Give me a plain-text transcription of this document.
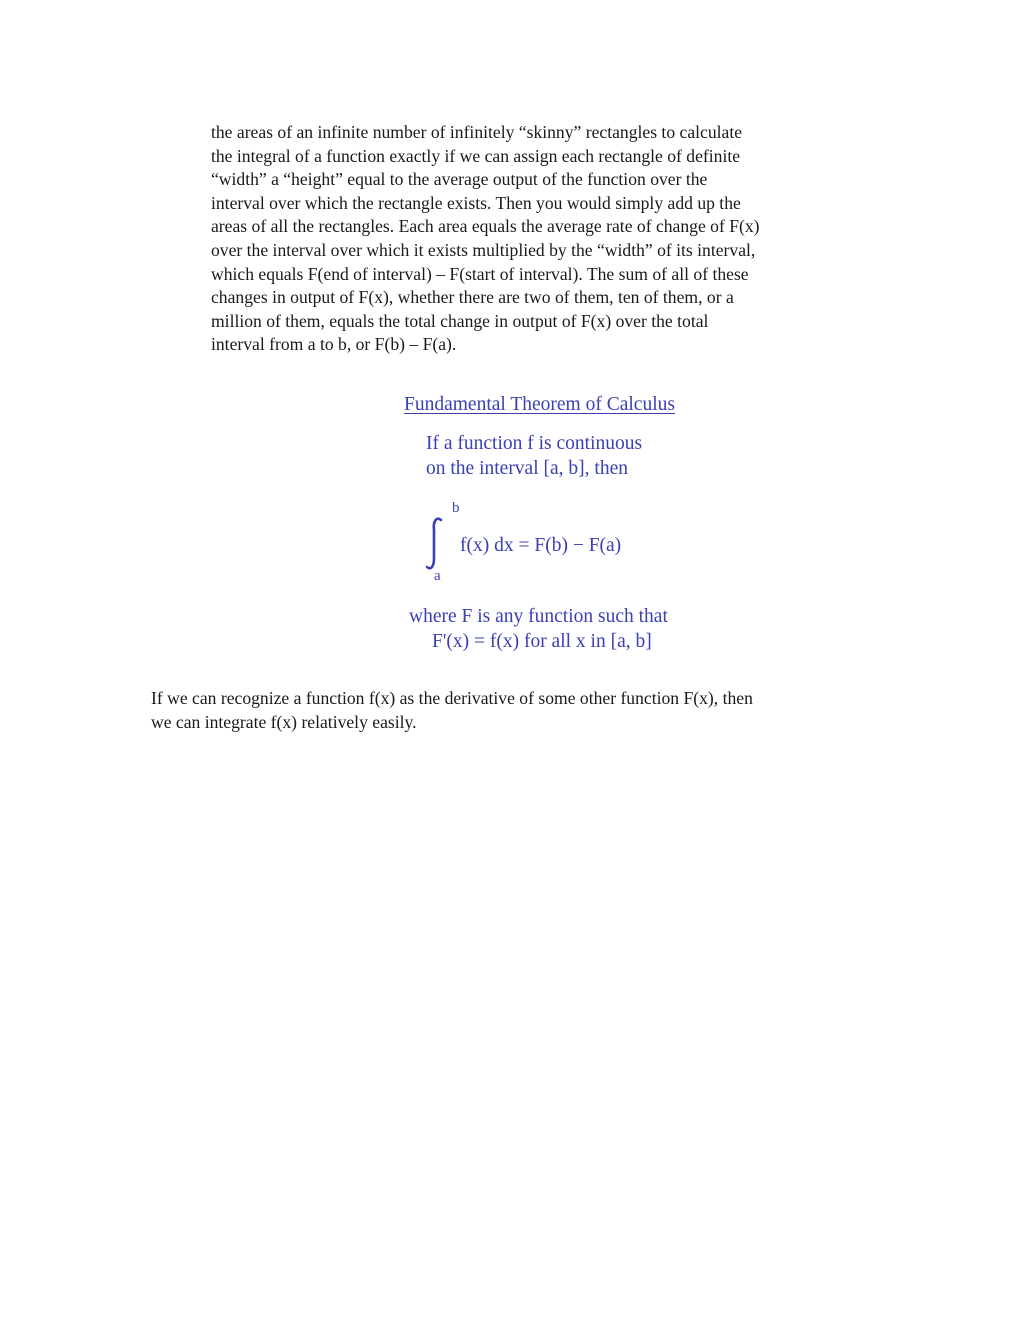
the areas of an infinite number of infinitely “skinny” rectangles to calculate
the integral of a function exactly if we can assign each rectangle of definite
“width” a “height” equal to the average output of the function over the
interval over which the rectangle exists. Then you would simply add up the
areas of all the rectangles. Each area equals the average rate of change of F(x)
over the interval over which it exists multiplied by the “width” of its interval,
which equals F(end of interval) – F(start of interval). The sum of all of these
changes in output of F(x), whether there are two of them, ten of them, or a
million of them, equals the total change in output of F(x) over the total
interval from a to b, or F(b) – F(a).
Fundamental Theorem of Calculus
If a function f is continuous
on the interval [a, b], then
b
a
f(x) dx = F(b) − F(a)
where F is any function such that
F'(x) = f(x) for all x in [a, b]
If we can recognize a function f(x) as the derivative of some other function F(x), then
we can integrate f(x) relatively easily.
